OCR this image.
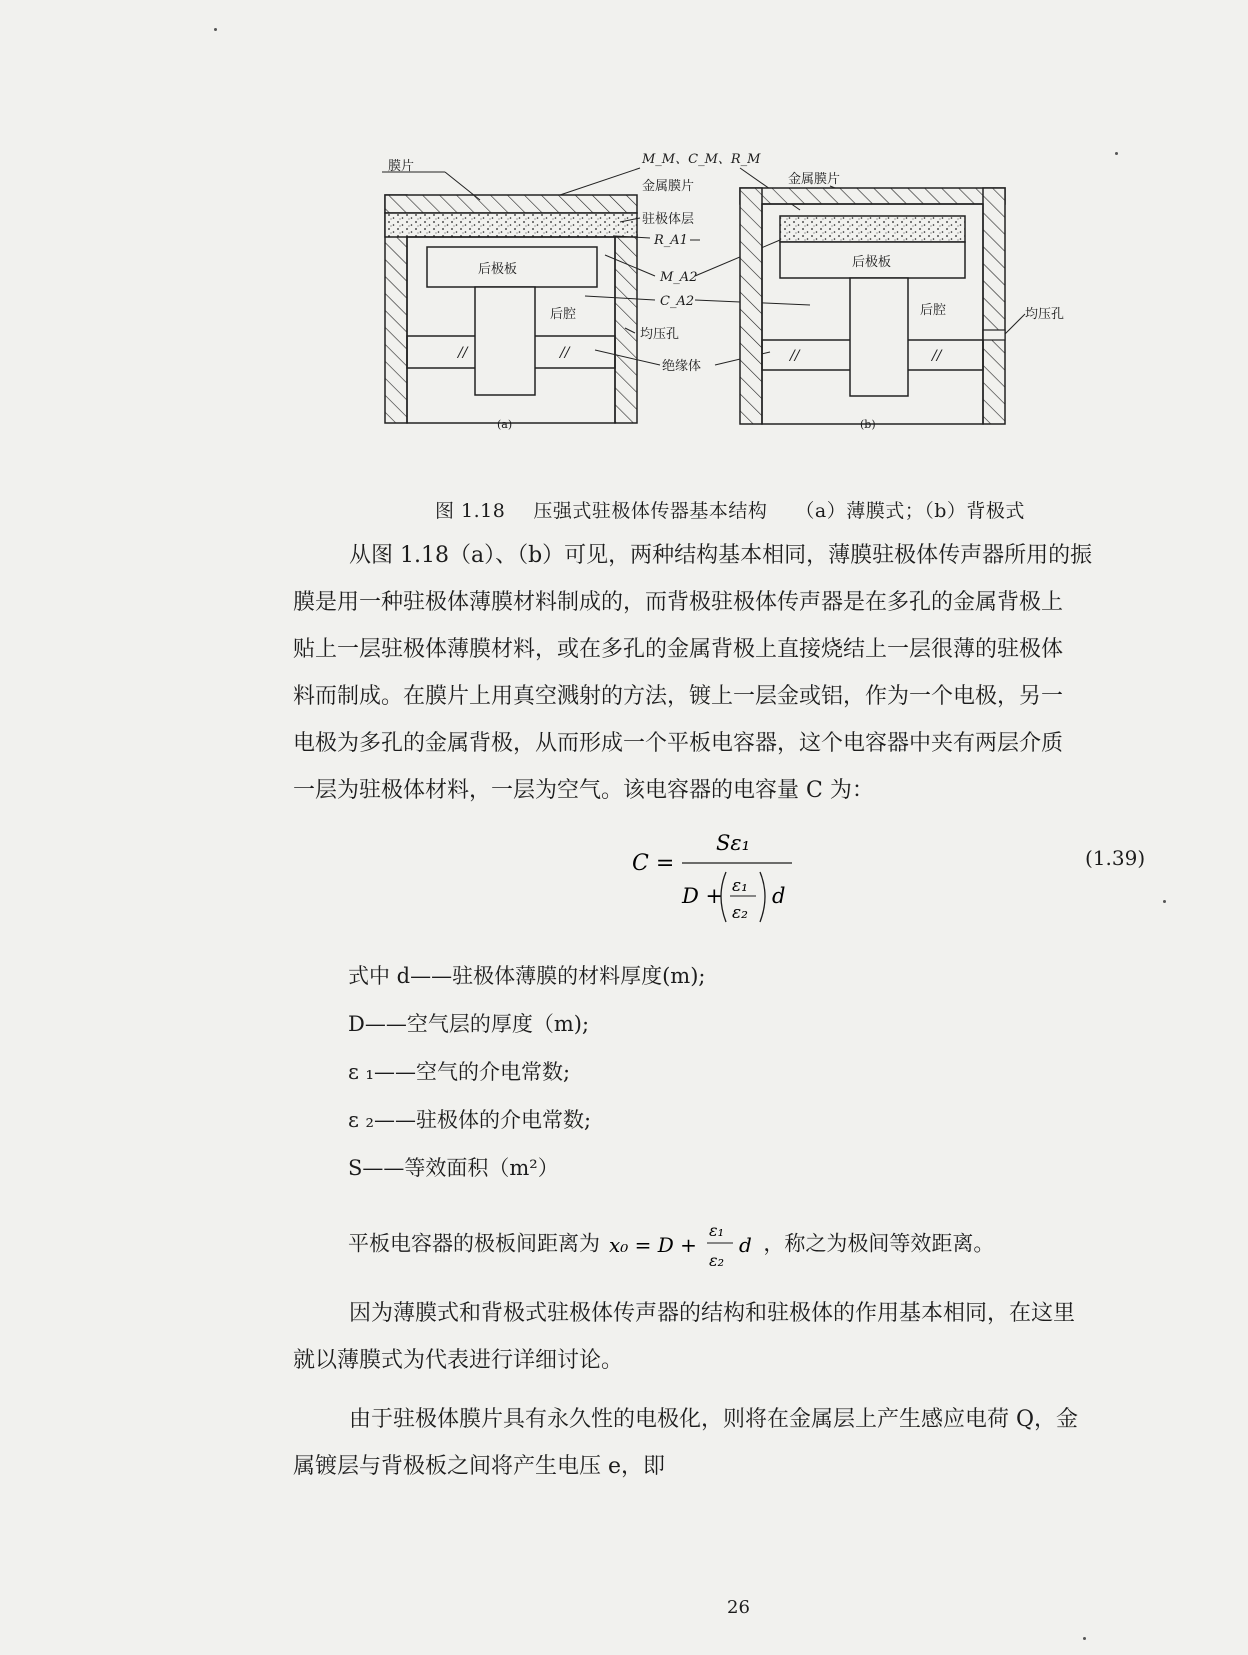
//	//
后极板
后腔
膜片
(a)
M_M、C_M、R_M
金属膜片
驻极体层
R_A1
M_A2
C_A2
均压孔
绝缘体
金属膜片
//	//
后极板
后腔	均压孔
(b)
图 1.18 压强式驻极体传器基本结构 （a）薄膜式；（b）背极式
从图 1.18（a）、（b）可见，两种结构基本相同，薄膜驻极体传声器所用的振
膜是用一种驻极体薄膜材料制成的，而背极驻极体传声器是在多孔的金属背极上
贴上一层驻极体薄膜材料，或在多孔的金属背极上直接烧结上一层很薄的驻极体
料而制成。在膜片上用真空溅射的方法，镀上一层金或铝，作为一个电极，另一
电极为多孔的金属背极，从而形成一个平板电容器，这个电容器中夹有两层介质
一层为驻极体材料，一层为空气。该电容器的电容量 C 为：
C =
Sε₁
D + ε₁
ε₂
d
(1.39)
式中 d——驻极体薄膜的材料厚度(m);
D——空气层的厚度（m);
ε ₁——空气的介电常数;
ε ₂——驻极体的介电常数;
S——等效面积（m²）
平板电容器的极板间距离为 x₀ = D +
ε₁
ε₂
d ，称之为极间等效距离。
因为薄膜式和背极式驻极体传声器的结构和驻极体的作用基本相同，在这里
就以薄膜式为代表进行详细讨论。
由于驻极体膜片具有永久性的电极化，则将在金属层上产生感应电荷 Q，金
属镀层与背极板之间将产生电压 e，即
26
